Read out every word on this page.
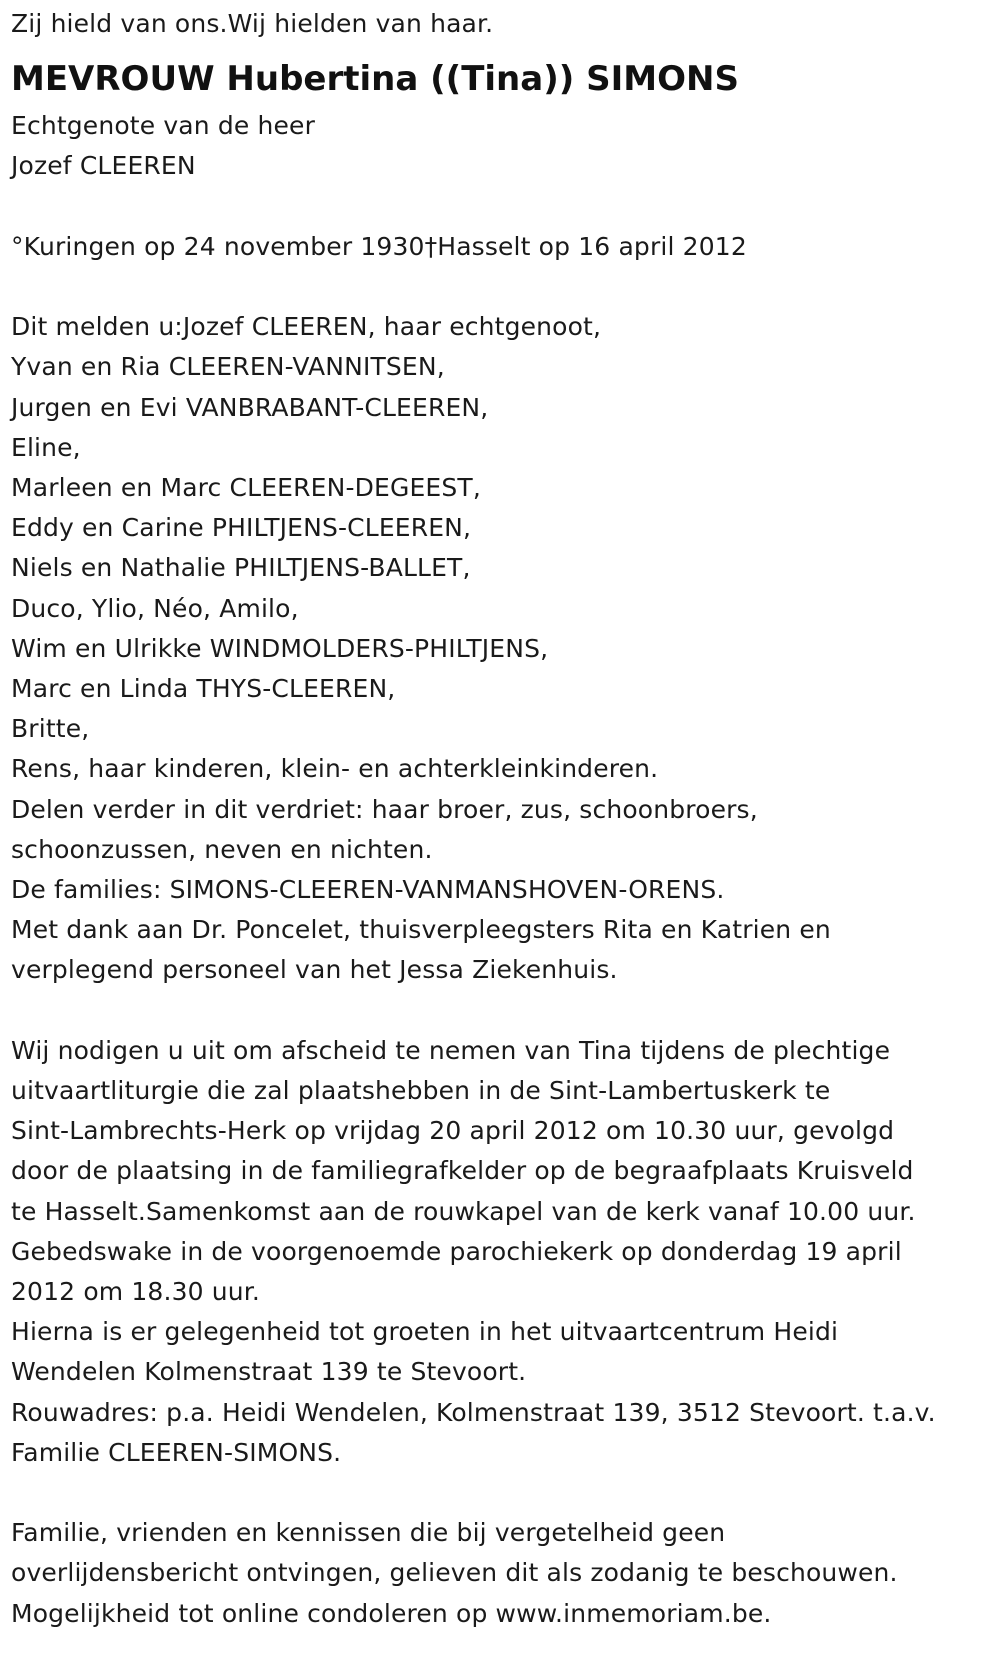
Zij hield van ons.Wij hielden van haar.

MEVROUW Hubertina ((Tina)) SIMONS

Echtgenote van de heer

Jozef CLEEREN

°Kuringen op 24 november 1930†Hasselt op 16 april 2012

Dit melden u:Jozef CLEEREN, haar echtgenoot,

Yvan en Ria CLEEREN-VANNITSEN,

Jurgen en Evi VANBRABANT-CLEEREN,

Eline,

Marleen en Marc CLEEREN-DEGEEST,

Eddy en Carine PHILTJENS-CLEEREN,

Niels en Nathalie PHILTJENS-BALLET,

Duco, Ylio, Néo, Amilo,

Wim en Ulrikke WINDMOLDERS-PHILTJENS,

Marc en Linda THYS-CLEEREN,

Britte,

Rens, haar kinderen, klein- en achterkleinkinderen.

Delen verder in dit verdriet: haar broer, zus, schoonbroers,

schoonzussen, neven en nichten.

De families: SIMONS-CLEEREN-VANMANSHOVEN-ORENS.

Met dank aan Dr. Poncelet, thuisverpleegsters Rita en Katrien en

verplegend personeel van het Jessa Ziekenhuis.

Wij nodigen u uit om afscheid te nemen van Tina tijdens de plechtige

uitvaartliturgie die zal plaatshebben in de Sint-Lambertuskerk te

Sint-Lambrechts-Herk op vrijdag 20 april 2012 om 10.30 uur, gevolgd

door de plaatsing in de familiegrafkelder op de begraafplaats Kruisveld

te Hasselt.Samenkomst aan de rouwkapel van de kerk vanaf 10.00 uur.

Gebedswake in de voorgenoemde parochiekerk op donderdag 19 april

2012 om 18.30 uur.

Hierna is er gelegenheid tot groeten in het uitvaartcentrum Heidi

Wendelen Kolmenstraat 139 te Stevoort.

Rouwadres: p.a. Heidi Wendelen, Kolmenstraat 139, 3512 Stevoort. t.a.v.

Familie CLEEREN-SIMONS.

Familie, vrienden en kennissen die bij vergetelheid geen

overlijdensbericht ontvingen, gelieven dit als zodanig te beschouwen.

Mogelijkheid tot online condoleren op www.inmemoriam.be.
